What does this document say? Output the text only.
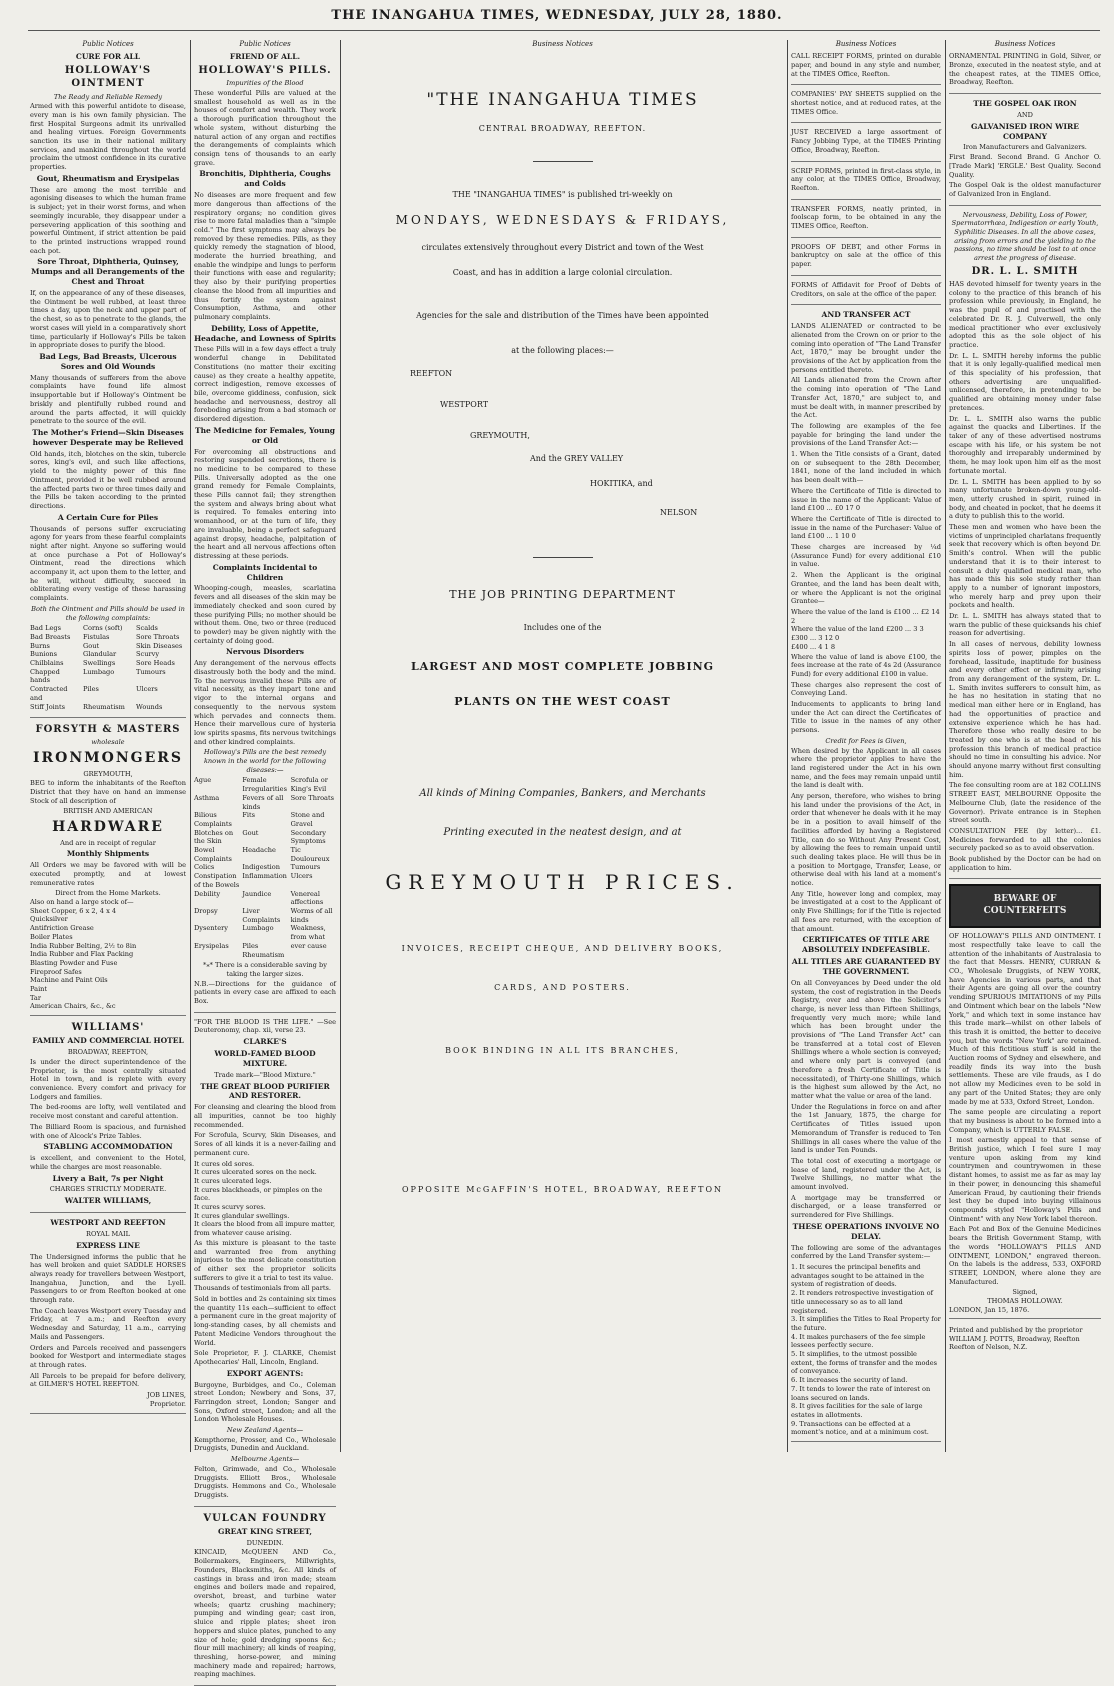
THE INANGAHUA TIMES, WEDNESDAY, JULY 28, 1880.
Public Notices
CURE FOR ALL
HOLLOWAY'S OINTMENT
The Ready and Reliable Remedy

Armed with this powerful antidote to disease, every man is his own family physician. The first Hospital Surgeons admit its unrivalled and healing virtues. Foreign Governments sanction its use in their national military services, and mankind throughout the world proclaim the utmost confidence in its curative properties.

Gout, Rheumatism and Erysipelas

These are among the most terrible and agonising diseases to which the human frame is subject; yet in their worst forms, and when seemingly incurable, they disappear under a persevering application of this soothing and powerful Ointment, if strict attention be paid to the printed instructions wrapped round each pot.

Sore Throat, Diphtheria, Quinsey, Mumps and all Derangements of the Chest and Throat

If, on the appearance of any of these diseases, the Ointment be well rubbed, at least three times a day, upon the neck and upper part of the chest, so as to penetrate to the glands, the worst cases will yield in a comparatively short time, particularly if Holloway's Pills be taken in appropriate doses to purify the blood.

Bad Legs, Bad Breasts, Ulcerous Sores and Old Wounds

Many thousands of sufferers from the above complaints have found life almost insupportable but if Holloway's Ointment be briskly and plentifully rubbed round and around the parts affected, it will quickly penetrate to the source of the evil.

The Mother's Friend—Skin Diseases however Desperate may be Relieved

Old hands, itch, blotches on the skin, tubercle sores, king's evil, and such like affections, yield to the mighty power of this fine Ointment, provided it be well rubbed around the affected parts two or three times daily and the Pills be taken according to the printed directions.

A Certain Cure for Piles

Thousands of persons suffer excruciating agony for years from these fearful complaints night after night. Anyone so suffering would at once purchase a Pot of Holloway's Ointment, read the directions which accompany it, act upon them to the letter, and he will, without difficulty, succeed in obliterating every vestige of these harassing complaints.

Both the Ointment and Pills should be used in the following complaints:
Bad Legs	Corns (soft)	Scalds
Bad Breasts	Fistulas	Sore Throats
Burns	Gout	Skin Diseases
Bunions	Glandular	Scurvy
Chilblains	Swellings	Sore Heads
Chapped hands
Lumbago	Tumours
Contracted and
Piles	Ulcers
Stiff Joints	Rheumatism	Wounds
FORSYTH & MASTERS
wholesale
IRONMONGERS
GREYMOUTH,

BEG to inform the inhabitants of the Reefton District that they have on hand an immense Stock of all description of

BRITISH AND AMERICAN
HARDWARE
And are in receipt of regular
Monthly Shipments

All Orders we may be favored with will be executed promptly, and at lowest remunerative rates

Direct from the Home Markets.
Also on hand a large stock of—
Sheet Copper, 6 x 2, 4 x 4
Quicksilver
Antifriction Grease
Boiler Plates
India Rubber Belting, 2½ to 8in
India Rubber and Flax Packing
Blasting Powder and Fuse
Fireproof Safes
Machine and Paint Oils
Paint
Tar
American Chairs, &c., &c
WILLIAMS'
FAMILY AND COMMERCIAL HOTEL
BROADWAY, REEFTON,

Is under the direct superintendence of the Proprietor, is the most centrally situated Hotel in town, and is replete with every convenience. Every comfort and privacy for Lodgers and families.

The bed-rooms are lofty, well ventilated and receive most constant and careful attention.

The Billiard Room is spacious, and furnished with one of Alcock's Prize Tables.

STABLING ACCOMMODATION

is excellent, and convenient to the Hotel, while the charges are most reasonable.

Livery a Bait, 7s per Night
CHARGES STRICTLY MODERATE.
WALTER WILLIAMS,
WESTPORT AND REEFTON
ROYAL MAIL
EXPRESS LINE

The Undersigned informs the public that he has well broken and quiet SADDLE HORSES always ready for travellers between Westport, Inangahua, Junction, and the Lyell. Passengers to or from Reefton booked at one through rate.

The Coach leaves Westport every Tuesday and Friday, at 7 a.m.; and Reefton every Wednesday and Saturday, 11 a.m., carrying Mails and Passengers.

Orders and Parcels received and passengers booked for Westport and intermediate stages at through rates.

All Parcels to be prepaid for before delivery, at GILMER'S HOTEL REEFTON.

JOB LINES,
Proprietor.
Public Notices
FRIEND OF ALL.
HOLLOWAY'S PILLS.
Impurities of the Blood

These wonderful Pills are valued at the smallest household as well as in the houses of comfort and wealth. They work a thorough purification throughout the whole system, without disturbing the natural action of any organ and rectifies the derangements of complaints which consign tens of thousands to an early grave.

Bronchitis, Diphtheria, Coughs and Colds

No diseases are more frequent and few more dangerous than affections of the respiratory organs; no condition gives rise to more fatal maladies than a "simple cold." The first symptoms may always be removed by these remedies. Pills, as they quickly remedy the stagnation of blood, moderate the hurried breathing, and enable the windpipe and lungs to perform their functions with ease and regularity; they also by their purifying properties cleanse the blood from all impurities and thus fortify the system against Consumption, Asthma, and other pulmonary complaints.

Debility, Loss of Appetite, Headache, and Lowness of Spirits

These Pills will in a few days effect a truly wonderful change in Debilitated Constitutions (no matter their exciting cause) as they create a healthy appetite, correct indigestion, remove excesses of bile, overcome giddiness, confusion, sick headache and nervousness, destroy all foreboding arising from a bad stomach or disordered digestion.

The Medicine for Females, Young or Old

For overcoming all obstructions and restoring suspended secretions, there is no medicine to be compared to these Pills. Universally adopted as the one grand remedy for Female Complaints, these Pills cannot fail; they strengthen the system and always bring about what is required. To females entering into womanhood, or at the turn of life, they are invaluable, being a perfect safeguard against dropsy, headache, palpitation of the heart and all nervous affections often distressing at these periods.

Complaints Incidental to Children

Whooping-cough, measles, scarlatina fevers and all diseases of the skin may be immediately checked and soon cured by these purifying Pills; no mother should be without them. One, two or three (reduced to powder) may be given nightly with the certainty of doing good.

Nervous Disorders

Any derangement of the nervous effects disastrously both the body and the mind. To the nervous invalid these Pills are of vital necessity, as they impart tone and vigor to the internal organs and consequently to the nervous system which pervades and connects them. Hence their marvellous cure of hysteria low spirits spasms, fits nervous twitchings and other kindred complaints.

Holloway's Pills are the best remedy known in the world for the following diseases:—
Ague	Female Irregularities
Scrofula or King's Evil
Asthma	Fevers of all kinds
Sore Throats
Bilious Complaints
Fits	Stone and Gravel
Blotches on the Skin
Gout	Secondary Symptoms
Bowel Complaints
Headache	Tic Douloureux
Colics	Indigestion	Tumours
Constipation of the Bowels
Inflammation Ulcers
Debility	Jaundice	Venereal affections
Dropsy	Liver Complaints
Worms of all kinds
Dysentery	Lumbago	Weakness, from what
Erysipelas	Piles	ever cause
Rheumatism
*⁎* There is a considerable saving by taking the larger sizes.

N.B.—Directions for the guidance of patients in every case are affixed to each Box.

"FOR THE BLOOD IS THE LIFE." —See Deuteronomy, chap. xii, verse 23.

CLARKE'S
WORLD-FAMED BLOOD MIXTURE.
Trade mark—"Blood Mixture."
THE GREAT BLOOD PURIFIER AND RESTORER.

For cleansing and clearing the blood from all impurities, cannot be too highly recommended.

For Scrofula, Scurvy, Skin Diseases, and Sores of all kinds it is a never-failing and permanent cure.

It cures old sores.
It cures ulcerated sores on the neck.
It cures ulcerated legs.
It cures blackheads, or pimples on the face.
It cures scurvy sores.
It cures glandular swellings.
It clears the blood from all impure matter, from whatever cause arising.

As this mixture is pleasant to the taste and warranted free from anything injurious to the most delicate constitution of either sex the proprietor solicits sufferers to give it a trial to test its value.

Thousands of testimonials from all parts.

Sold in bottles and 2s containing six times the quantity 11s each—sufficient to effect a permanent cure in the great majority of long-standing cases, by all chemists and Patent Medicine Vendors throughout the World.

Sole Proprietor, F. J. CLARKE, Chemist Apothecaries' Hall, Lincoln, England.

EXPORT AGENTS:

Burgoyne, Burbidges, and Co., Coleman street London; Newbery and Sons, 37, Farringdon street, London; Sanger and Sons, Oxford street, London; and all the London Wholesale Houses.

New Zealand Agents—

Kempthorne, Prosser, and Co., Wholesale Druggists, Dunedin and Auckland.

Melbourne Agents—

Felton, Grimwade, and Co., Wholesale Druggists. Elliott Bros., Wholesale Druggists. Hemmons and Co., Wholesale Druggists.

VULCAN FOUNDRY
GREAT KING STREET,
DUNEDIN.

KINCAID, McQUEEN AND Co., Boilermakers, Engineers, Millwrights, Founders, Blacksmiths, &c. All kinds of castings in brass and iron made; steam engines and boilers made and repaired, overshot, breast, and turbine water wheels; quartz crushing machinery; pumping and winding gear; cast iron, sluice and ripple plates; sheet iron hoppers and sluice plates, punched to any size of hole; gold dredging spoons &c.; flour mill machinery; all kinds of reaping, threshing, horse-power, and mining machinery made and repaired; harrows, reaping machines.

Business Notices
"THE INANGAHUA TIMES
CENTRAL BROADWAY, REEFTON.
THE "INANGAHUA TIMES" is published tri-weekly on
MONDAYS, WEDNESDAYS & FRIDAYS,
circulates extensively throughout every District and town of the West
Coast, and has in addition a large colonial circulation.
Agencies for the sale and distribution of the Times have been appointed
at the following places:—
REEFTON
WESTPORT
GREYMOUTH,
And the GREY VALLEY
HOKITIKA, and
NELSON
THE JOB PRINTING DEPARTMENT
Includes one of the
LARGEST AND MOST COMPLETE JOBBING
PLANTS ON THE WEST COAST
All kinds of Mining Companies, Bankers, and Merchants
Printing executed in the neatest design, and at
GREYMOUTH PRICES.
INVOICES, RECEIPT CHEQUE, AND DELIVERY BOOKS,
CARDS, AND POSTERS.
BOOK BINDING IN ALL ITS BRANCHES,
OPPOSITE McGAFFIN'S HOTEL, BROADWAY, REEFTON
Business Notices

CALL RECEIPT FORMS, printed on durable paper, and bound in any style and number, at the TIMES Office, Reefton.

COMPANIES' PAY SHEETS supplied on the shortest notice, and at reduced rates, at the TIMES Office.

JUST RECEIVED a large assortment of Fancy Jobbing Type, at the TIMES Printing Office, Broadway, Reefton.

SCRIP FORMS, printed in first-class style, in any color, at the TIMES Office, Broadway, Reefton.

TRANSFER FORMS, neatly printed, in foolscap form, to be obtained in any the TIMES Office, Reefton.

PROOFS OF DEBT, and other Forms in bankruptcy on sale at the office of this paper.

FORMS of Affidavit for Proof of Debts of Creditors, on sale at the office of the paper.

AND TRANSFER ACT

LANDS ALIENATED or contracted to be alienated from the Crown on or prior to the coming into operation of "The Land Transfer Act, 1870," may be brought under the provisions of the Act by application from the persons entitled thereto.

All Lands alienated from the Crown after the coming into operation of "The Land Transfer Act, 1870," are subject to, and must be dealt with, in manner prescribed by the Act.

The following are examples of the fee payable for bringing the land under the provisions of the Land Transfer Act:—

1. When the Title consists of a Grant, dated on or subsequent to the 28th December, 1841, none of the land included in which has been dealt with—

Where the Certificate of Title is directed to issue in the name of the Applicant: Value of land £100 ... £0 17 0

Where the Certificate of Title is directed to issue in the name of the Purchaser: Value of land £100 ... 1 10 0

These charges are increased by ¼d (Assurance Fund) for every additional £10 in value.

2. When the Applicant is the original Grantee, and the land has been dealt with, or where the Applicant is not the original Grantee—

Where the value of the land is £100 ... £2 14 2
Where the value of the land £200 ... 3 3
£300 ... 3 12 0
£400 ... 4 1 8

Where the value of land is above £100, the fees increase at the rate of 4s 2d (Assurance Fund) for every additional £100 in value.

These charges also represent the cost of Conveying Land.

Inducements to applicants to bring land under the Act can direct the Certificates of Title to issue in the names of any other persons.

Credit for Fees is Given,

When desired by the Applicant in all cases where the proprietor applies to have the land registered under the Act in his own name, and the fees may remain unpaid until the land is dealt with.

Any person, therefore, who wishes to bring his land under the provisions of the Act, in order that whenever he deals with it he may be in a position to avail himself of the facilities afforded by having a Registered Title, can do so Without Any Present Cost, by allowing the fees to remain unpaid until such dealing takes place. He will thus be in a position to Mortgage, Transfer, Lease, or otherwise deal with his land at a moment's notice.

Any Title, however long and complex, may be investigated at a cost to the Applicant of only Five Shillings; for if the Title is rejected all fees are returned, with the exception of that amount.

CERTIFICATES OF TITLE ARE ABSOLUTELY INDEFEASIBLE.
ALL TITLES ARE GUARANTEED BY THE GOVERNMENT.

On all Conveyances by Deed under the old system, the cost of registration in the Deeds Registry, over and above the Solicitor's charge, is never less than Fifteen Shillings, frequently very much more; while land which has been brought under the provisions of "The Land Transfer Act" can be transferred at a total cost of Eleven Shillings where a whole section is conveyed; and where only part is conveyed (and therefore a fresh Certificate of Title is necessitated), of Thirty-one Shillings, which is the highest sum allowed by the Act, no matter what the value or area of the land.

Under the Regulations in force on and after the 1st January, 1875, the charge for Certificates of Titles issued upon Memorandum of Transfer is reduced to Ten Shillings in all cases where the value of the land is under Ten Pounds.

The total cost of executing a mortgage or lease of land, registered under the Act, is Twelve Shillings, no matter what the amount involved.

A mortgage may be transferred or discharged, or a lease transferred or surrendered for Five Shillings.

THESE OPERATIONS INVOLVE NO DELAY.

The following are some of the advantages conferred by the Land Transfer system:—

1. It secures the principal benefits and advantages sought to be attained in the system of registration of deeds.
2. It renders retrospective investigation of title unnecessary so as to all land registered.
3. It simplifies the Titles to Real Property for the future.
4. It makes purchasers of the fee simple lessees perfectly secure.
5. It simplifies, to the utmost possible extent, the forms of transfer and the modes of conveyance.
6. It increases the security of land.
7. It tends to lower the rate of interest on loans secured on lands.
8. It gives facilities for the sale of large estates in allotments.
9. Transactions can be effected at a moment's notice, and at a minimum cost.
Business Notices

ORNAMENTAL PRINTING in Gold, Silver, or Bronze, executed in the neatest style, and at the cheapest rates, at the TIMES Office, Broadway, Reefton.

THE GOSPEL OAK IRON
AND
GALVANISED IRON WIRE COMPANY
Iron Manufacturers and Galvanizers.

First Brand. Second Brand. G Anchor O. [Trade Mark] 'ERGLE.' Best Quality. Second Quality.

The Gospel Oak is the oldest manufacturer of Galvanized Iron in England.

Nervousness, Debility, Loss of Power, Spermatorrhœa, Indigestion or early Youth, Syphilitic Diseases. In all the above cases, arising from errors and the yielding to the passions, no time should be lost to at once arrest the progress of disease.

DR. L. L. SMITH

HAS devoted himself for twenty years in the colony to the practice of this branch of his profession while previously, in England, he was the pupil of and practised with the celebrated Dr. R. J. Culverwell, the only medical practitioner who ever exclusively adopted this as the sole object of his practice.

Dr. L. L. SMITH hereby informs the public that it is only legally-qualified medical men of this speciality of his profession, that others advertising are unqualified-unlicensed, therefore, in pretending to be qualified are obtaining money under false pretences.

Dr. L. L. SMITH also warns the public against the quacks and Libertines. If the taker of any of these advertised nostrums escape with his life, or his system be not thoroughly and irreparably undermined by them, he may look upon him elf as the most fortunate mortal.

Dr. L. L. SMITH has been applied to by so many unfortunate broken-down young-old-men, utterly crushed in spirit, ruined in body, and cheated in pocket, that he deems it a duty to publish this to the world.

These men and women who have been the victims of unprincipled charlatans frequently seek that recovery which is often beyond Dr. Smith's control. When will the public understand that it is to their interest to consult a duly qualified medical man, who has made this his sole study rather than apply to a number of ignorant impostors, who merely harp and prey upon their pockets and health.

Dr. L. L. SMITH has always stated that to warn the public of these quicksands his chief reason for advertising.

In all cases of nervous, debility lowness spirits loss of power, pimples on the forehead, lassitude, inaptitude for business and every other effect or infirmity arising from any derangement of the system, Dr. L. L. Smith invites sufferers to consult him, as he has no hesitation in stating that no medical man either here or in England, has had the opportunities of practice and extensive experience which he has had. Therefore those who really desire to be treated by one who is at the head of his profession this branch of medical practice should no time in consulting his advice. Nor should anyone marry without first consulting him.

The fee consulting room are at 182 COLLINS STREET EAST, MELBOURNE Opposite the Melbourne Club, (late the residence of the Governor). Private entrance is in Stephen street south.

CONSULTATION FEE (by letter)... £1. Medicines forwarded to all the colonies securely packed so as to avoid observation.

Book published by the Doctor can be had on application to him.

BEWARE OF COUNTERFEITS

OF HOLLOWAY'S PILLS AND OINTMENT. I most respectfully take leave to call the attention of the inhabitants of Australasia to the fact that Messrs. HENRY, CURRAN & CO., Wholesale Druggists, of NEW YORK, have Agencies in various parts, and that their Agents are going all over the country vending SPURIOUS IMITATIONS of my Pills and Ointment which bear on the labels "New York," and which text in some instance hav this trade mark—whilst on other labels of this trash it is omitted, the better to deceive you, but the words "New York" are retained. Much of this fictitious stuff is sold in the Auction rooms of Sydney and elsewhere, and readily finds its way into the bush settlements. These are vile frauds, as I do not allow my Medicines even to be sold in any part of the United States; they are only made by me at 533, Oxford Street, London.

The same people are circulating a report that my business is about to be formed into a Company, which is UTTERLY FALSE.

I most earnestly appeal to that sense of British justice, which I feel sure I may venture upon asking from my kind countrymen and countrywomen in these distant homes, to assist me as far as may lay in their power, in denouncing this shameful American Fraud, by cautioning their friends lest they be duped into buying villainous compounds styled "Holloway's Pills and Ointment" with any New York label thereon.

Each Pot and Box of the Genuine Medicines bears the British Government Stamp, with the words "HOLLOWAY'S PILLS AND OINTMENT, LONDON," engraved thereon. On the labels is the address, 533, OXFORD STREET, LONDON, where alone they are Manufactured.

Signed,
THOMAS HOLLOWAY.
LONDON, Jan 15, 1876.

Printed and published by the proprietor WILLIAM J. POTTS, Broadway, Reefton Reefton of Nelson, N.Z.
